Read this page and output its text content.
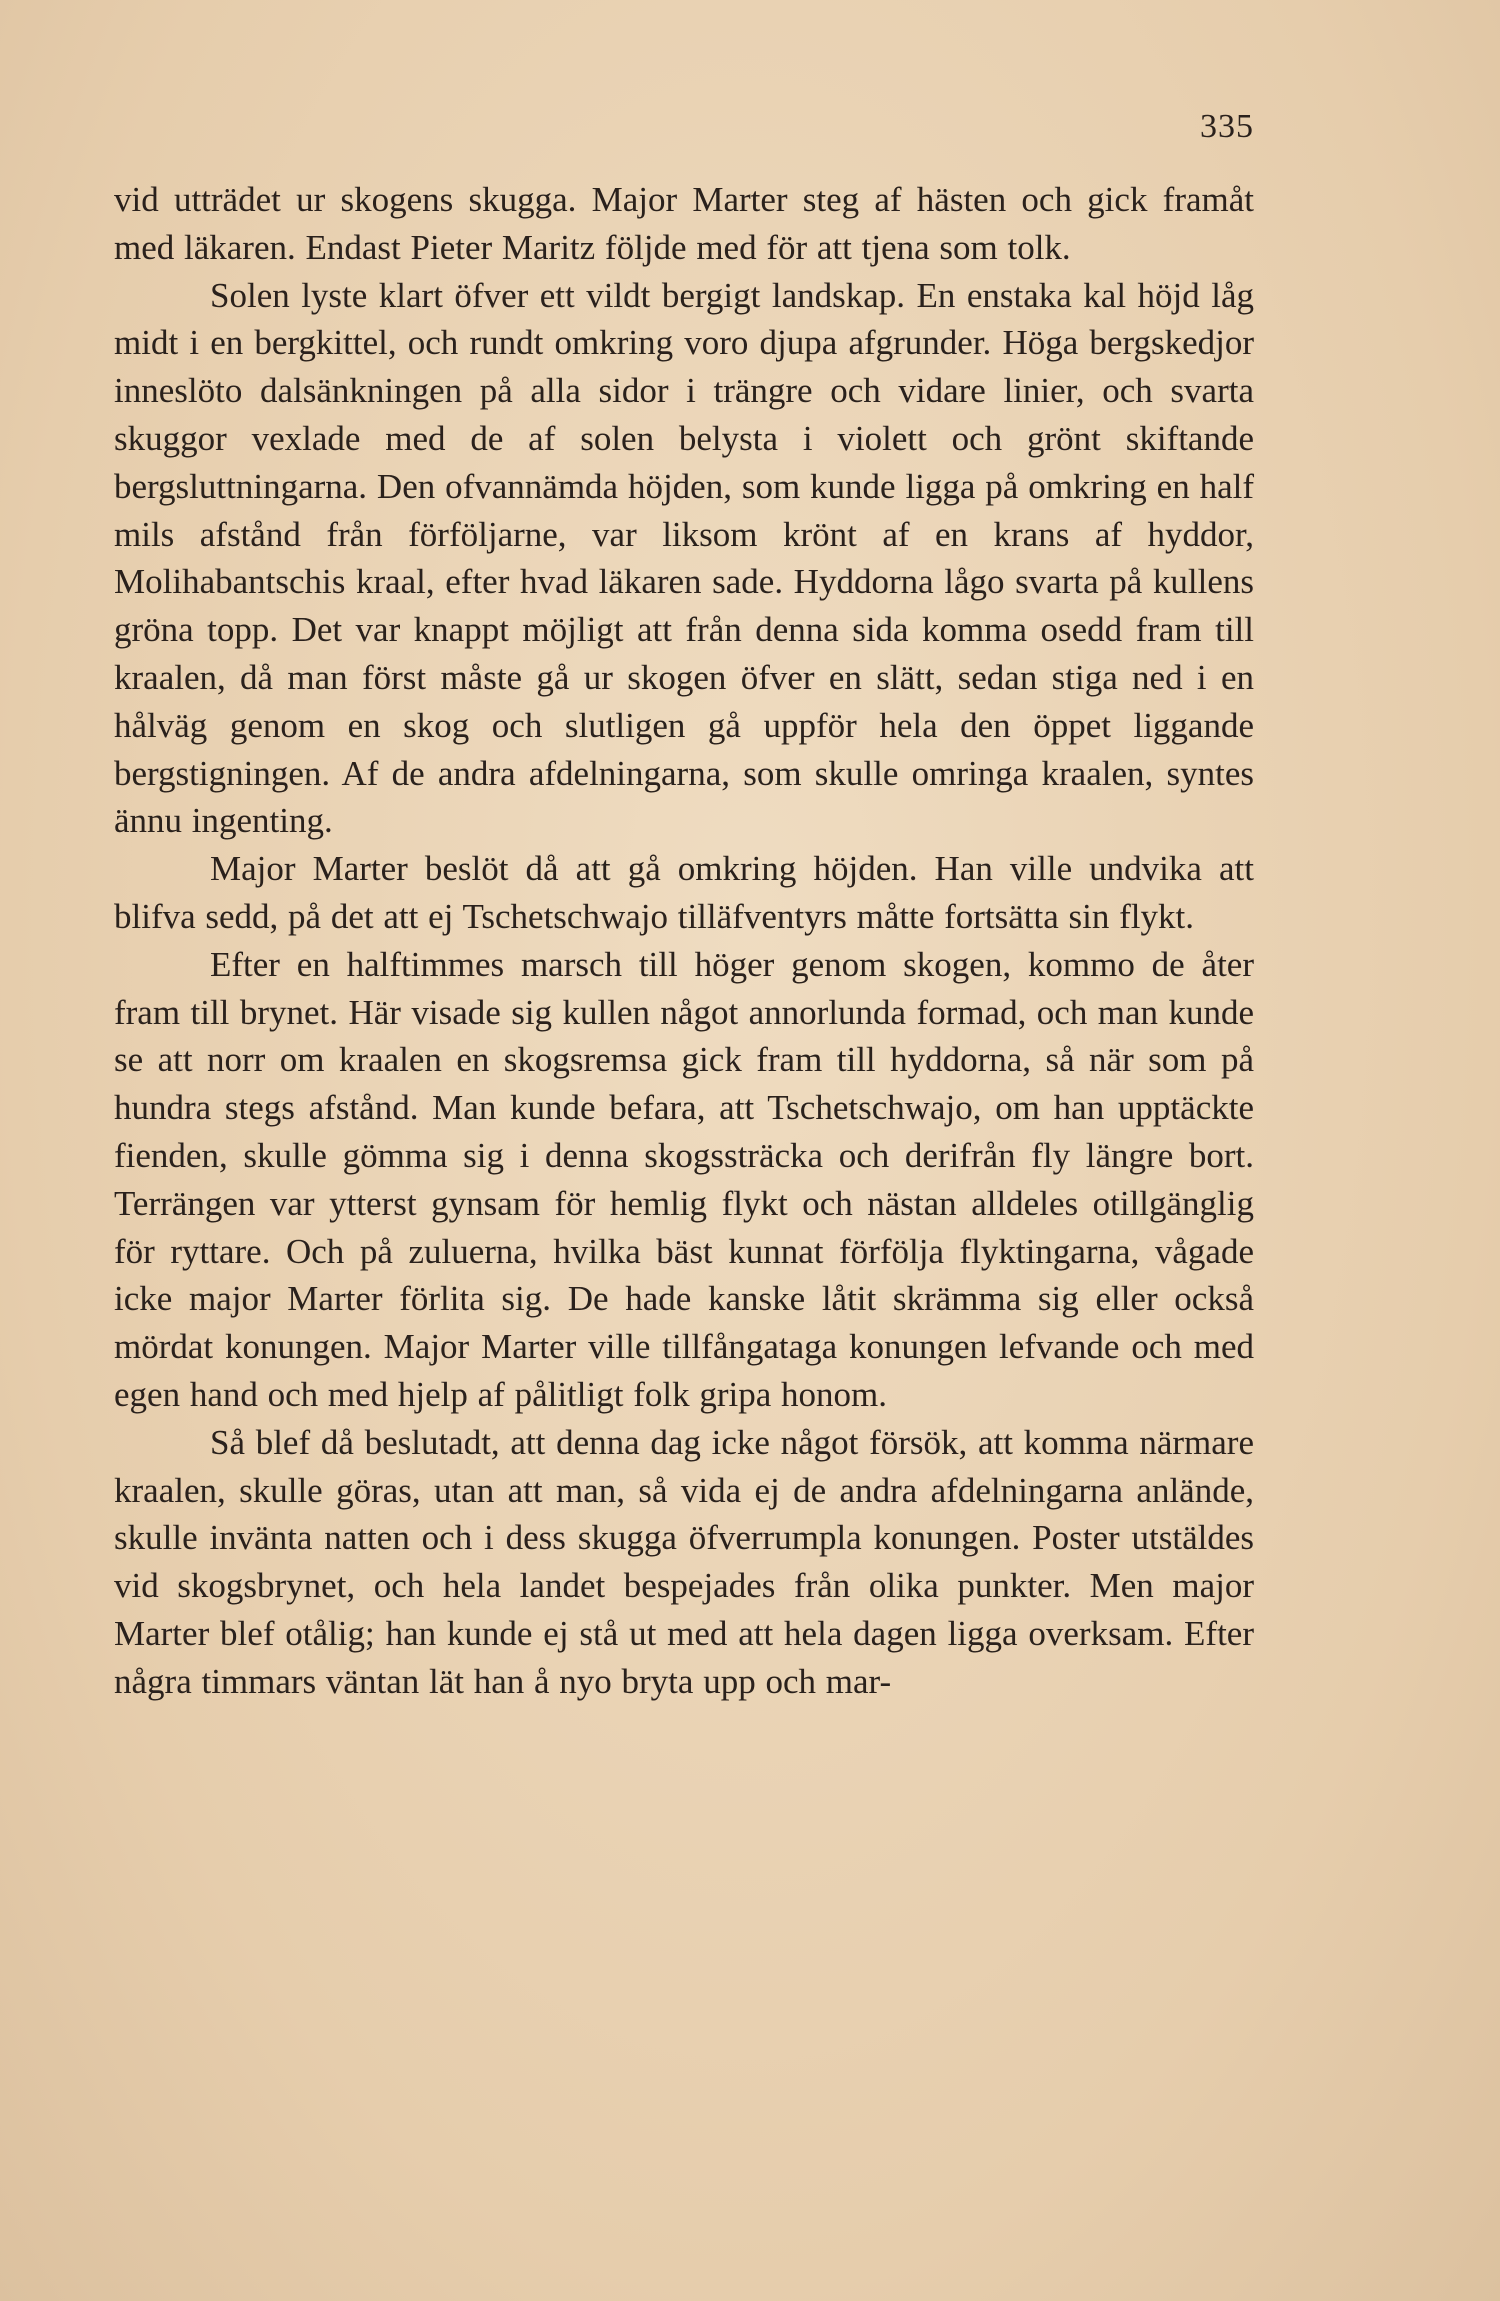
335

vid utträdet ur skogens skugga. Major Marter steg af hästen och gick framåt med läkaren. Endast Pieter Maritz följde med för att tjena som tolk.

Solen lyste klart öfver ett vildt bergigt landskap. En enstaka kal höjd låg midt i en bergkittel, och rundt omkring voro djupa afgrunder. Höga bergskedjor inneslöto dalsänkningen på alla sidor i trängre och vidare linier, och svarta skuggor vexlade med de af solen belysta i violett och grönt skiftande bergsluttningarna. Den ofvannämda höjden, som kunde ligga på omkring en half mils afstånd från förföljarne, var liksom krönt af en krans af hyddor, Molihabantschis kraal, efter hvad läkaren sade. Hyddorna lågo svarta på kullens gröna topp. Det var knappt möjligt att från denna sida komma osedd fram till kraalen, då man först måste gå ur skogen öfver en slätt, sedan stiga ned i en hålväg genom en skog och slutligen gå uppför hela den öppet liggande bergstigningen. Af de andra afdelningarna, som skulle omringa kraalen, syntes ännu ingenting.

Major Marter beslöt då att gå omkring höjden. Han ville undvika att blifva sedd, på det att ej Tschetschwajo tilläfventyrs måtte fortsätta sin flykt.

Efter en halftimmes marsch till höger genom skogen, kommo de åter fram till brynet. Här visade sig kullen något annorlunda formad, och man kunde se att norr om kraalen en skogsremsa gick fram till hyddorna, så när som på hundra stegs afstånd. Man kunde befara, att Tschetschwajo, om han upptäckte fienden, skulle gömma sig i denna skogssträcka och derifrån fly längre bort. Terrängen var ytterst gynsam för hemlig flykt och nästan alldeles otillgänglig för ryttare. Och på zuluerna, hvilka bäst kunnat förfölja flyktingarna, vågade icke major Marter förlita sig. De hade kanske låtit skrämma sig eller också mördat konungen. Major Marter ville tillfångataga konungen lefvande och med egen hand och med hjelp af pålitligt folk gripa honom.

Så blef då beslutadt, att denna dag icke något försök, att komma närmare kraalen, skulle göras, utan att man, så vida ej de andra afdelningarna anlände, skulle invänta natten och i dess skugga öfverrumpla konungen. Poster utstäldes vid skogsbrynet, och hela landet bespejades från olika punkter. Men major Marter blef otålig; han kunde ej stå ut med att hela dagen ligga overksam. Efter några timmars väntan lät han å nyo bryta upp och mar-
